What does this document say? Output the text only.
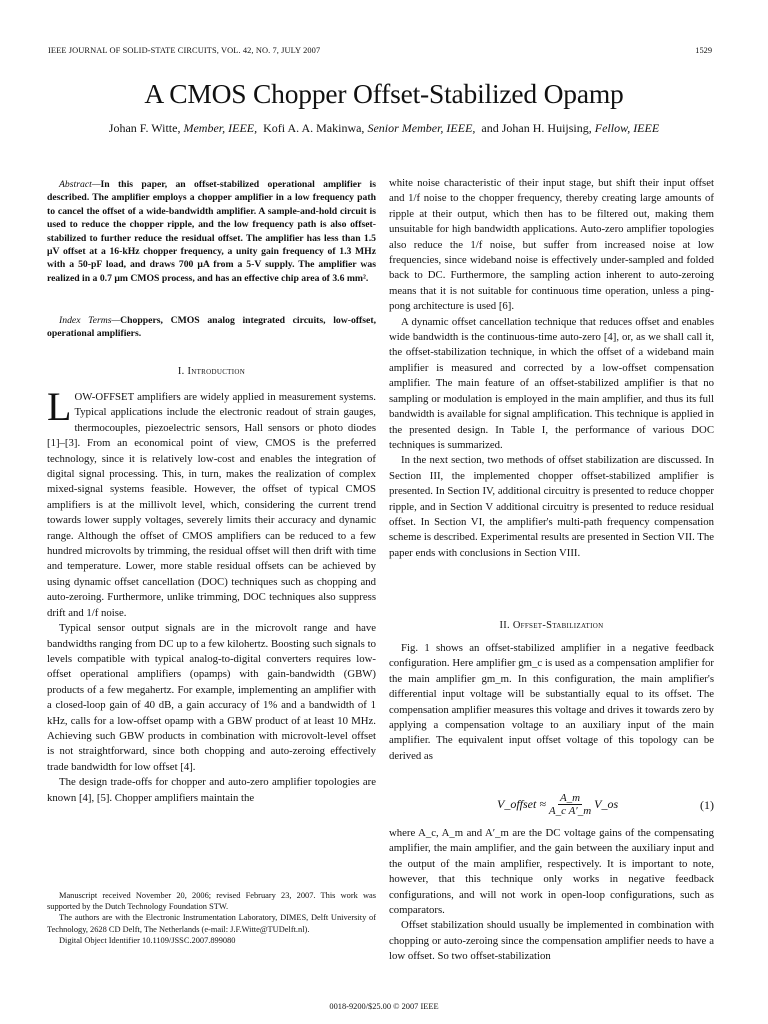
IEEE JOURNAL OF SOLID-STATE CIRCUITS, VOL. 42, NO. 7, JULY 2007	1529
A CMOS Chopper Offset-Stabilized Opamp
Johan F. Witte, Member, IEEE, Kofi A. A. Makinwa, Senior Member, IEEE, and Johan H. Huijsing, Fellow, IEEE
Abstract—In this paper, an offset-stabilized operational amplifier is described. The amplifier employs a chopper amplifier in a low frequency path to cancel the offset of a wide-bandwidth amplifier. A sample-and-hold circuit is used to reduce the chopper ripple, and the low frequency path is also offset-stabilized to further reduce the residual offset. The amplifier has less than 1.5 μV offset at a 16-kHz chopper frequency, a unity gain frequency of 1.3 MHz with a 50-pF load, and draws 700 μA from a 5-V supply. The amplifier was realized in a 0.7 μm CMOS process, and has an effective chip area of 3.6 mm².
Index Terms—Choppers, CMOS analog integrated circuits, low-offset, operational amplifiers.
I. Introduction

LOW-OFFSET amplifiers are widely applied in measurement systems. Typical applications include the electronic readout of strain gauges, thermocouples, piezoelectric sensors, Hall sensors or photo diodes [1]–[3]. From an economical point of view, CMOS is the preferred technology, since it is relatively low-cost and enables the integration of digital signal processing. This, in turn, makes the realization of complex mixed-signal systems feasible. However, the offset of typical CMOS amplifiers is at the millivolt level, which, considering the current trend towards lower supply voltages, severely limits their accuracy and dynamic range. Although the offset of CMOS amplifiers can be reduced to a few hundred microvolts by trimming, the residual offset will then drift with time and temperature. Lower, more stable residual offsets can be achieved by using dynamic offset cancellation (DOC) techniques such as chopping and auto-zeroing. Furthermore, unlike trimming, DOC techniques also suppress drift and 1/f noise.

Typical sensor output signals are in the microvolt range and have bandwidths ranging from DC up to a few kilohertz. Boosting such signals to levels compatible with typical analog-to-digital converters requires low-offset operational amplifiers (opamps) with gain-bandwidth (GBW) products of a few megahertz. For example, implementing an amplifier with a closed-loop gain of 40 dB, a gain accuracy of 1% and a bandwidth of 1 kHz, calls for a low-offset opamp with a GBW product of at least 10 MHz. Achieving such GBW products in combination with microvolt-level offset is not straightforward, since both chopping and auto-zeroing effectively trade bandwidth for low offset [4].

The design trade-offs for chopper and auto-zero amplifier topologies are known [4], [5]. Chopper amplifiers maintain the

white noise characteristic of their input stage, but shift their input offset and 1/f noise to the chopper frequency, thereby creating large amounts of ripple at their output, which then has to be filtered out, making them unsuitable for high bandwidth applications. Auto-zero amplifier topologies also reduce the 1/f noise, but suffer from increased noise at low frequencies, since wideband noise is effectively under-sampled and folded back to DC. Furthermore, the sampling action inherent to auto-zeroing means that it is not suitable for continuous time operation, unless a ping-pong architecture is used [6].

A dynamic offset cancellation technique that reduces offset and enables wide bandwidth is the continuous-time auto-zero [4], or, as we shall call it, the offset-stabilization technique, in which the offset of a wideband main amplifier is measured and corrected by a low-offset compensation amplifier. The main feature of an offset-stabilized amplifier is that no sampling or modulation is employed in the main amplifier, and thus its full bandwidth is available for signal amplification. This technique is applied in the presented design. In Table I, the performance of various DOC techniques is summarized.

In the next section, two methods of offset stabilization are discussed. In Section III, the implemented chopper offset-stabilized amplifier is presented. In Section IV, additional circuitry is presented to reduce chopper ripple, and in Section V additional circuitry is presented to reduce residual offset. In Section VI, the amplifier's multi-path frequency compensation scheme is described. Experimental results are presented in Section VII. The paper ends with conclusions in Section VIII.

II. Offset-Stabilization

Fig. 1 shows an offset-stabilized amplifier in a negative feedback configuration. Here amplifier gm_c is used as a compensation amplifier for the main amplifier gm_m. In this configuration, the main amplifier's differential input voltage will be substantially equal to its offset. The compensation amplifier measures this voltage and drives it towards zero by applying a compensation voltage to an auxiliary input of the main amplifier. The equivalent input offset voltage of this topology can be derived as

V_offset ≈ $\frac{A\_m}{\text{A\_c A′\_m}}$ V_os	(1)

where A_c, A_m and A′_m are the DC voltage gains of the compensating amplifier, the main amplifier, and the gain between the auxiliary input and the output of the main amplifier, respectively. It is important to note, however, that this technique only works in negative feedback configurations, and will not work in open-loop configurations, such as comparators.

Offset stabilization should usually be implemented in combination with chopping or auto-zeroing since the compensation amplifier needs to have a low offset. So two offset-stabilization

Manuscript received November 20, 2006; revised February 23, 2007. This work was supported by the Dutch Technology Foundation STW.

The authors are with the Electronic Instrumentation Laboratory, DIMES, Delft University of Technology, 2628 CD Delft, The Netherlands (e-mail: J.F.Witte@TUDelft.nl).

Digital Object Identifier 10.1109/JSSC.2007.899080

0018-9200/$25.00 © 2007 IEEE
